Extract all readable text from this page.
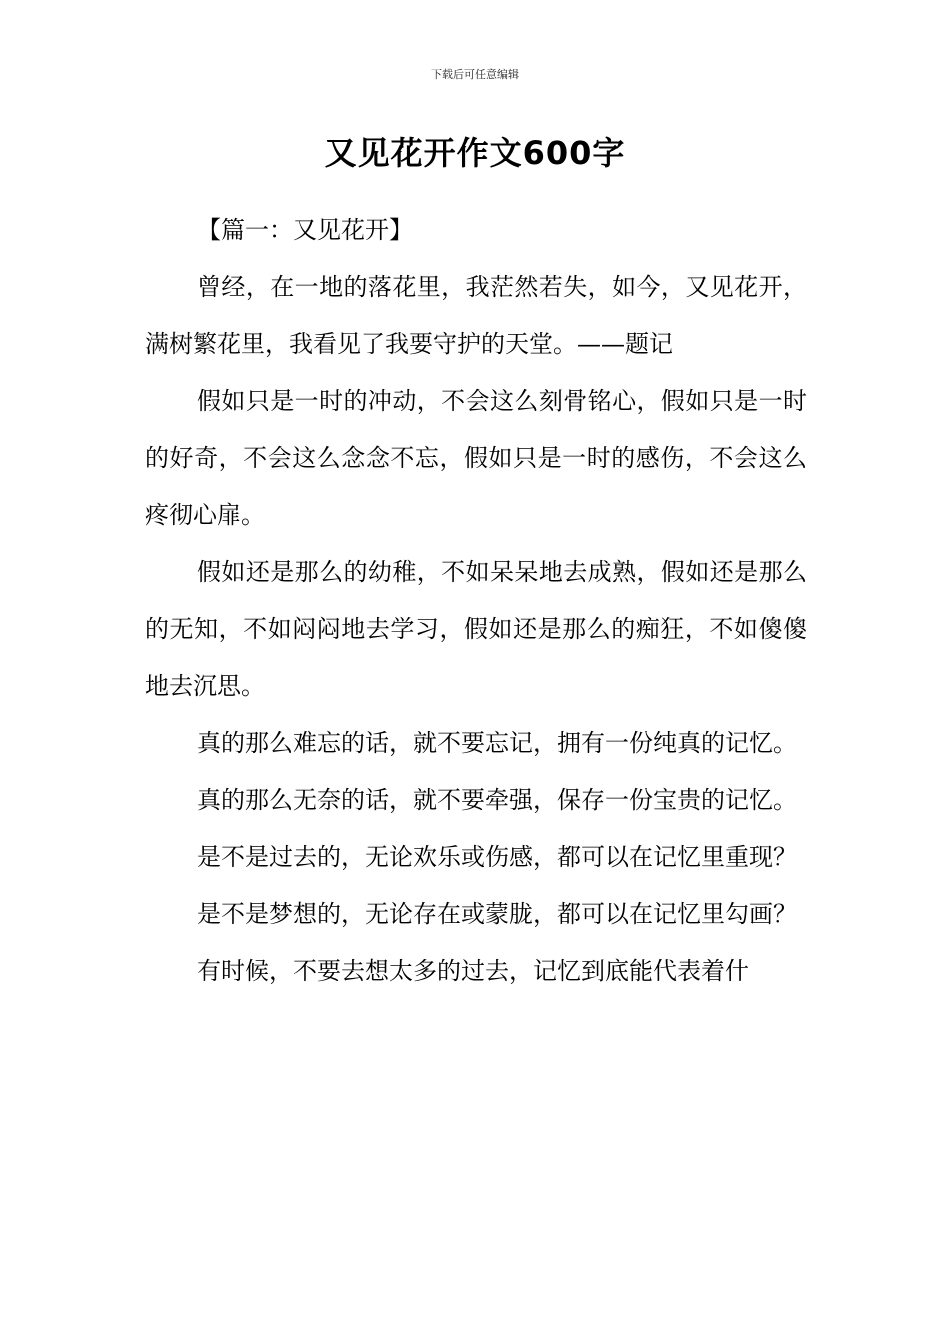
下载后可任意编辑
又见花开作文600字

【篇一：又见花开】

曾经，在一地的落花里，我茫然若失，如今，又见花开，满树繁花里，我看见了我要守护的天堂。——题记

假如只是一时的冲动，不会这么刻骨铭心，假如只是一时的好奇，不会这么念念不忘，假如只是一时的感伤，不会这么疼彻心扉。

假如还是那么的幼稚，不如呆呆地去成熟，假如还是那么的无知，不如闷闷地去学习，假如还是那么的痴狂，不如傻傻地去沉思。

真的那么难忘的话，就不要忘记，拥有一份纯真的记忆。

真的那么无奈的话，就不要牵强，保存一份宝贵的记忆。

是不是过去的，无论欢乐或伤感，都可以在记忆里重现？

是不是梦想的，无论存在或蒙胧，都可以在记忆里勾画？

有时候，不要去想太多的过去，记忆到底能代表着什
